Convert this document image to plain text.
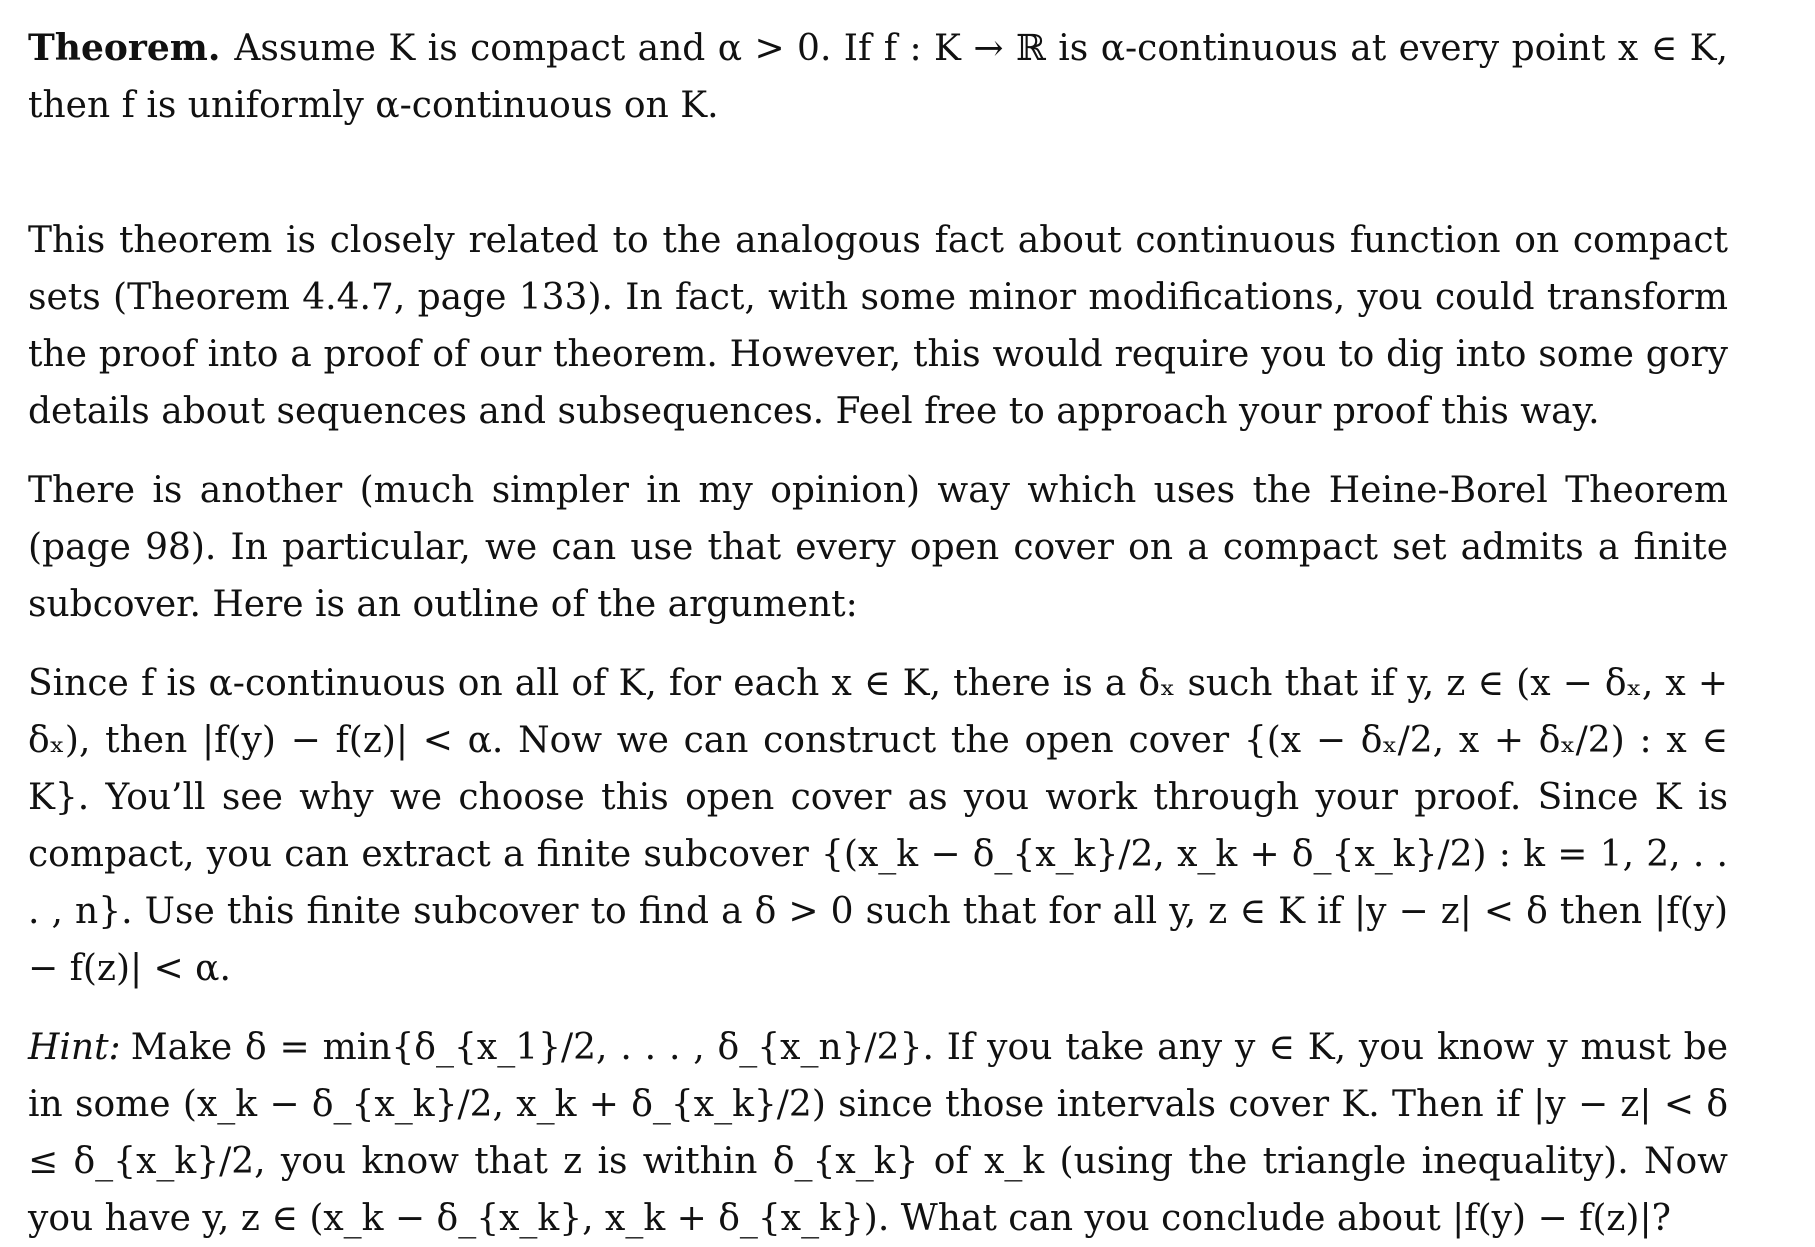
Theorem. Assume K is compact and α > 0. If f : K → ℝ is α-continuous at every point x ∈ K, then f is uniformly α-continuous on K.

This theorem is closely related to the analogous fact about continuous function on compact sets (Theorem 4.4.7, page 133). In fact, with some minor modifications, you could transform the proof into a proof of our theorem. However, this would require you to dig into some gory details about sequences and subsequences. Feel free to approach your proof this way.

There is another (much simpler in my opinion) way which uses the Heine-Borel Theorem (page 98). In particular, we can use that every open cover on a compact set admits a finite subcover. Here is an outline of the argument:

Since f is α-continuous on all of K, for each x ∈ K, there is a δₓ such that if y, z ∈ (x − δₓ, x + δₓ), then |f(y) − f(z)| < α. Now we can construct the open cover {(x − δₓ/2, x + δₓ/2) : x ∈ K}. You’ll see why we choose this open cover as you work through your proof. Since K is compact, you can extract a finite subcover {(x_k − δ_{x_k}/2, x_k + δ_{x_k}/2) : k = 1, 2, . . . , n}. Use this finite subcover to find a δ > 0 such that for all y, z ∈ K if |y − z| < δ then |f(y) − f(z)| < α.

Hint: Make δ = min{δ_{x_1}/2, . . . , δ_{x_n}/2}. If you take any y ∈ K, you know y must be in some (x_k − δ_{x_k}/2, x_k + δ_{x_k}/2) since those intervals cover K. Then if |y − z| < δ ≤ δ_{x_k}/2, you know that z is within δ_{x_k} of x_k (using the triangle inequality). Now you have y, z ∈ (x_k − δ_{x_k}, x_k + δ_{x_k}). What can you conclude about |f(y) − f(z)|?
